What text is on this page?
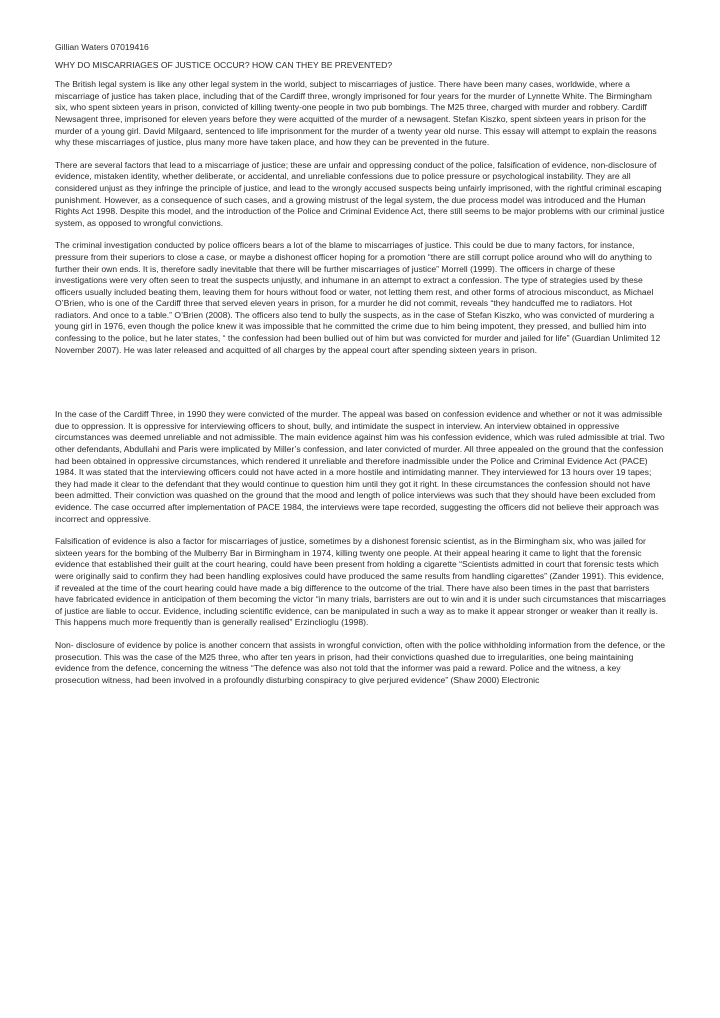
Gillian Waters 07019416
WHY DO MISCARRIAGES OF JUSTICE OCCUR? HOW CAN THEY BE PREVENTED?

The British legal system is like any other legal system in the world, subject to miscarriages of justice. There have been many cases, worldwide, where a miscarriage of justice has taken place, including that of the Cardiff three, wrongly imprisoned for four years for the murder of Lynnette White. The Birmingham six, who spent sixteen years in prison, convicted of killing twenty-one people in two pub bombings. The M25 three, charged with murder and robbery. Cardiff Newsagent three, imprisoned for eleven years before they were acquitted of the murder of a newsagent. Stefan Kiszko, spent sixteen years in prison for the murder of a young girl. David Milgaard, sentenced to life imprisonment for the murder of a twenty year old nurse. This essay will attempt to explain the reasons why these miscarriages of justice, plus many more have taken place, and how they can be prevented in the future.

There are several factors that lead to a miscarriage of justice; these are unfair and oppressing conduct of the police, falsification of evidence, non-disclosure of evidence, mistaken identity, whether deliberate, or accidental, and unreliable confessions due to police pressure or psychological instability. They are all considered unjust as they infringe the principle of justice, and lead to the wrongly accused suspects being unfairly imprisoned, with the rightful criminal escaping punishment. However, as a consequence of such cases, and a growing mistrust of the legal system, the due process model was introduced and the Human Rights Act 1998. Despite this model, and the introduction of the Police and Criminal Evidence Act, there still seems to be major problems with our criminal justice system, as opposed to wrongful convictions.

The criminal investigation conducted by police officers bears a lot of the blame to miscarriages of justice. This could be due to many factors, for instance, pressure from their superiors to close a case, or maybe a dishonest officer hoping for a promotion “there are still corrupt police around who will do anything to further their own ends. It is, therefore sadly inevitable that there will be further miscarriages of justice” Morrell (1999). The officers in charge of these investigations were very often seen to treat the suspects unjustly, and inhumane in an attempt to extract a confession. The type of strategies used by these officers usually included beating them, leaving them for hours without food or water, not letting them rest, and other forms of atrocious misconduct, as Michael O’Brien, who is one of the Cardiff three that served eleven years in prison, for a murder he did not commit, reveals “they handcuffed me to radiators. Hot radiators. And once to a table.” O’Brien (2008). The officers also tend to bully the suspects, as in the case of Stefan Kiszko, who was convicted of murdering a young girl in 1976, even though the police knew it was impossible that he committed the crime due to him being impotent, they pressed, and bullied him into confessing to the police, but he later states, “ the confession had been bullied out of him but was convicted for murder and jailed for life” (Guardian Unlimited 12 November 2007). He was later released and acquitted of all charges by the appeal court after spending sixteen years in prison.

In the case of the Cardiff Three, in 1990 they were convicted of the murder. The appeal was based on confession evidence and whether or not it was admissible due to oppression. It is oppressive for interviewing officers to shout, bully, and intimidate the suspect in interview. An interview obtained in oppressive circumstances was deemed unreliable and not admissible. The main evidence against him was his confession evidence, which was ruled admissible at trial. Two other defendants, Abdullahi and Paris were implicated by Miller’s confession, and later convicted of murder. All three appealed on the ground that the confession had been obtained in oppressive circumstances, which rendered it unreliable and therefore inadmissible under the Police and Criminal Evidence Act (PACE) 1984. It was stated that the interviewing officers could not have acted in a more hostile and intimidating manner. They interviewed for 13 hours over 19 tapes; they had made it clear to the defendant that they would continue to question him until they got it right. In these circumstances the confession should not have been admitted. Their conviction was quashed on the ground that the mood and length of police interviews was such that they should have been excluded from evidence. The case occurred after implementation of PACE 1984, the interviews were tape recorded, suggesting the officers did not believe their approach was incorrect and oppressive.

Falsification of evidence is also a factor for miscarriages of justice, sometimes by a dishonest forensic scientist, as in the Birmingham six, who was jailed for sixteen years for the bombing of the Mulberry Bar in Birmingham in 1974, killing twenty one people. At their appeal hearing it came to light that the forensic evidence that established their guilt at the court hearing, could have been present from holding a cigarette “Scientists admitted in court that forensic tests which were originally said to confirm they had been handling explosives could have produced the same results from handling cigarettes” (Zander 1991). This evidence, if revealed at the time of the court hearing could have made a big difference to the outcome of the trial. There have also been times in the past that barristers have fabricated evidence in anticipation of them becoming the victor “in many trials, barristers are out to win and it is under such circumstances that miscarriages of justice are liable to occur. Evidence, including scientific evidence, can be manipulated in such a way as to make it appear stronger or weaker than it really is. This happens much more frequently than is generally realised” Erzinclioglu (1998).

Non- disclosure of evidence by police is another concern that assists in wrongful conviction, often with the police withholding information from the defence, or the prosecution. This was the case of the M25 three, who after ten years in prison, had their convictions quashed due to irregularities, one being maintaining evidence from the defence, concerning the witness “The defence was also not told that the informer was paid a reward. Police and the witness, a key prosecution witness, had been involved in a profoundly disturbing conspiracy to give perjured evidence” (Shaw 2000) Electronic
